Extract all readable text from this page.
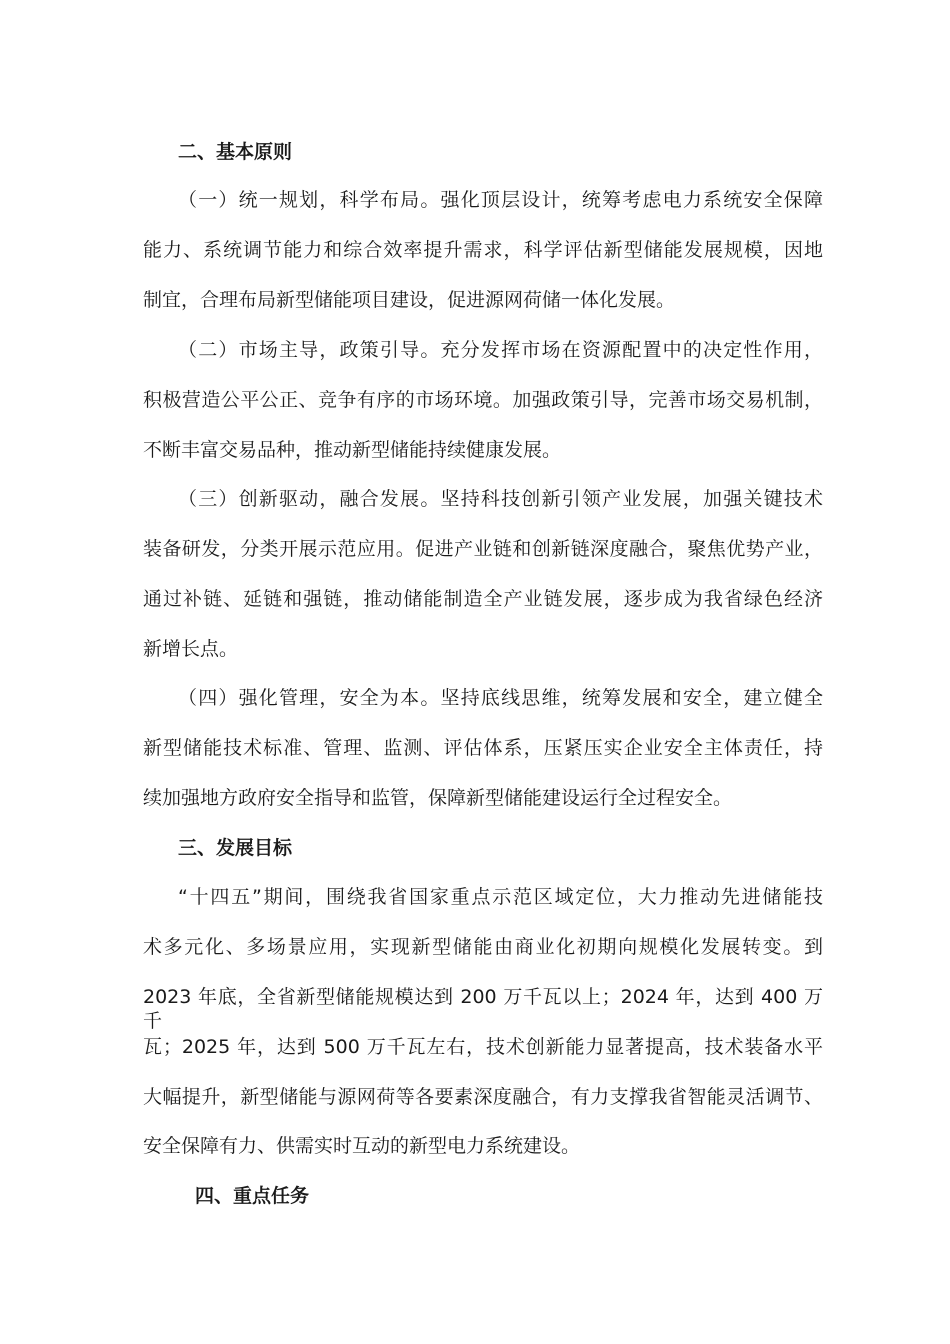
二、基本原则
（一）统一规划，科学布局。强化顶层设计，统筹考虑电力系统安全保障
能力、系统调节能力和综合效率提升需求，科学评估新型储能发展规模，因地
制宜，合理布局新型储能项目建设，促进源网荷储一体化发展。
（二）市场主导，政策引导。充分发挥市场在资源配置中的决定性作用，
积极营造公平公正、竞争有序的市场环境。加强政策引导，完善市场交易机制，
不断丰富交易品种，推动新型储能持续健康发展。
（三）创新驱动，融合发展。坚持科技创新引领产业发展，加强关键技术
装备研发，分类开展示范应用。促进产业链和创新链深度融合，聚焦优势产业，
通过补链、延链和强链，推动储能制造全产业链发展，逐步成为我省绿色经济
新增长点。
（四）强化管理，安全为本。坚持底线思维，统筹发展和安全，建立健全
新型储能技术标准、管理、监测、评估体系，压紧压实企业安全主体责任，持
续加强地方政府安全指导和监管，保障新型储能建设运行全过程安全。
三、发展目标
“十四五”期间，围绕我省国家重点示范区域定位，大力推动先进储能技
术多元化、多场景应用，实现新型储能由商业化初期向规模化发展转变。到
2023 年底，全省新型储能规模达到 200 万千瓦以上；2024 年，达到 400 万千
瓦；2025 年，达到 500 万千瓦左右，技术创新能力显著提高，技术装备水平
大幅提升，新型储能与源网荷等各要素深度融合，有力支撑我省智能灵活调节、
安全保障有力、供需实时互动的新型电力系统建设。
四、重点任务
